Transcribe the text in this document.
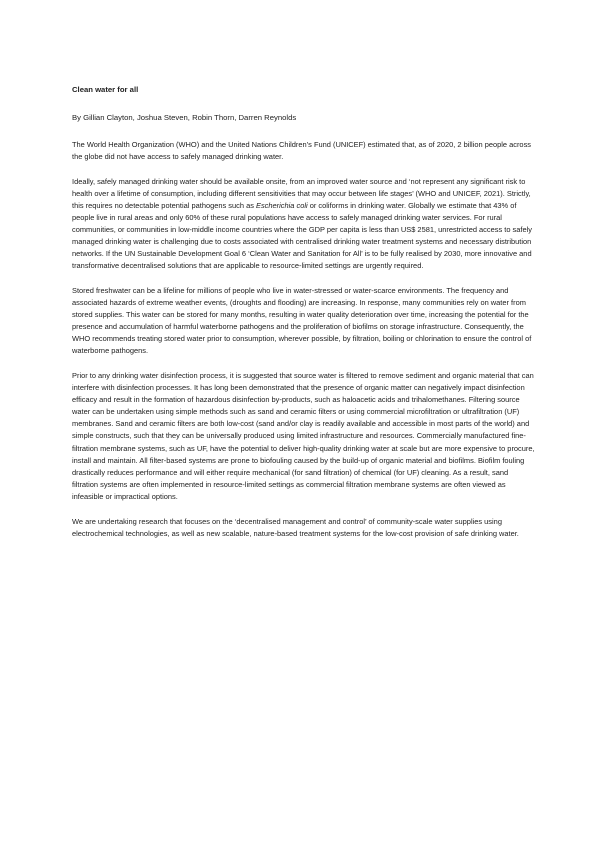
Clean water for all
By Gillian Clayton, Joshua Steven, Robin Thorn, Darren Reynolds

The World Health Organization (WHO) and the United Nations Children’s Fund (UNICEF) estimated that, as of 2020, 2 billion people across the globe did not have access to safely managed drinking water.

Ideally, safely managed drinking water should be available onsite, from an improved water source and ‘not represent any significant risk to health over a lifetime of consumption, including different sensitivities that may occur between life stages’ (WHO and UNICEF, 2021). Strictly, this requires no detectable potential pathogens such as Escherichia coli or coliforms in drinking water. Globally we estimate that 43% of people live in rural areas and only 60% of these rural populations have access to safely managed drinking water services. For rural communities, or communities in low-middle income countries where the GDP per capita is less than US$ 2581, unrestricted access to safely managed drinking water is challenging due to costs associated with centralised drinking water treatment systems and necessary distribution networks. If the UN Sustainable Development Goal 6 ‘Clean Water and Sanitation for All’ is to be fully realised by 2030, more innovative and transformative decentralised solutions that are applicable to resource-limited settings are urgently required.

Stored freshwater can be a lifeline for millions of people who live in water-stressed or water-scarce environments. The frequency and associated hazards of extreme weather events, (droughts and flooding) are increasing. In response, many communities rely on water from stored supplies. This water can be stored for many months, resulting in water quality deterioration over time, increasing the potential for the presence and accumulation of harmful waterborne pathogens and the proliferation of biofilms on storage infrastructure. Consequently, the WHO recommends treating stored water prior to consumption, wherever possible, by filtration, boiling or chlorination to ensure the control of waterborne pathogens.

Prior to any drinking water disinfection process, it is suggested that source water is filtered to remove sediment and organic material that can interfere with disinfection processes. It has long been demonstrated that the presence of organic matter can negatively impact disinfection efficacy and result in the formation of hazardous disinfection by-products, such as haloacetic acids and trihalomethanes. Filtering source water can be undertaken using simple methods such as sand and ceramic filters or using commercial microfiltration or ultrafiltration (UF) membranes. Sand and ceramic filters are both low-cost (sand and/or clay is readily available and accessible in most parts of the world) and simple constructs, such that they can be universally produced using limited infrastructure and resources. Commercially manufactured fine-filtration membrane systems, such as UF, have the potential to deliver high-quality drinking water at scale but are more expensive to procure, install and maintain. All filter-based systems are prone to biofouling caused by the build-up of organic material and biofilms. Biofilm fouling drastically reduces performance and will either require mechanical (for sand filtration) of chemical (for UF) cleaning. As a result, sand filtration systems are often implemented in resource-limited settings as commercial filtration membrane systems are often viewed as infeasible or impractical options.

We are undertaking research that focuses on the ‘decentralised management and control’ of community-scale water supplies using electrochemical technologies, as well as new scalable, nature-based treatment systems for the low-cost provision of safe drinking water.
